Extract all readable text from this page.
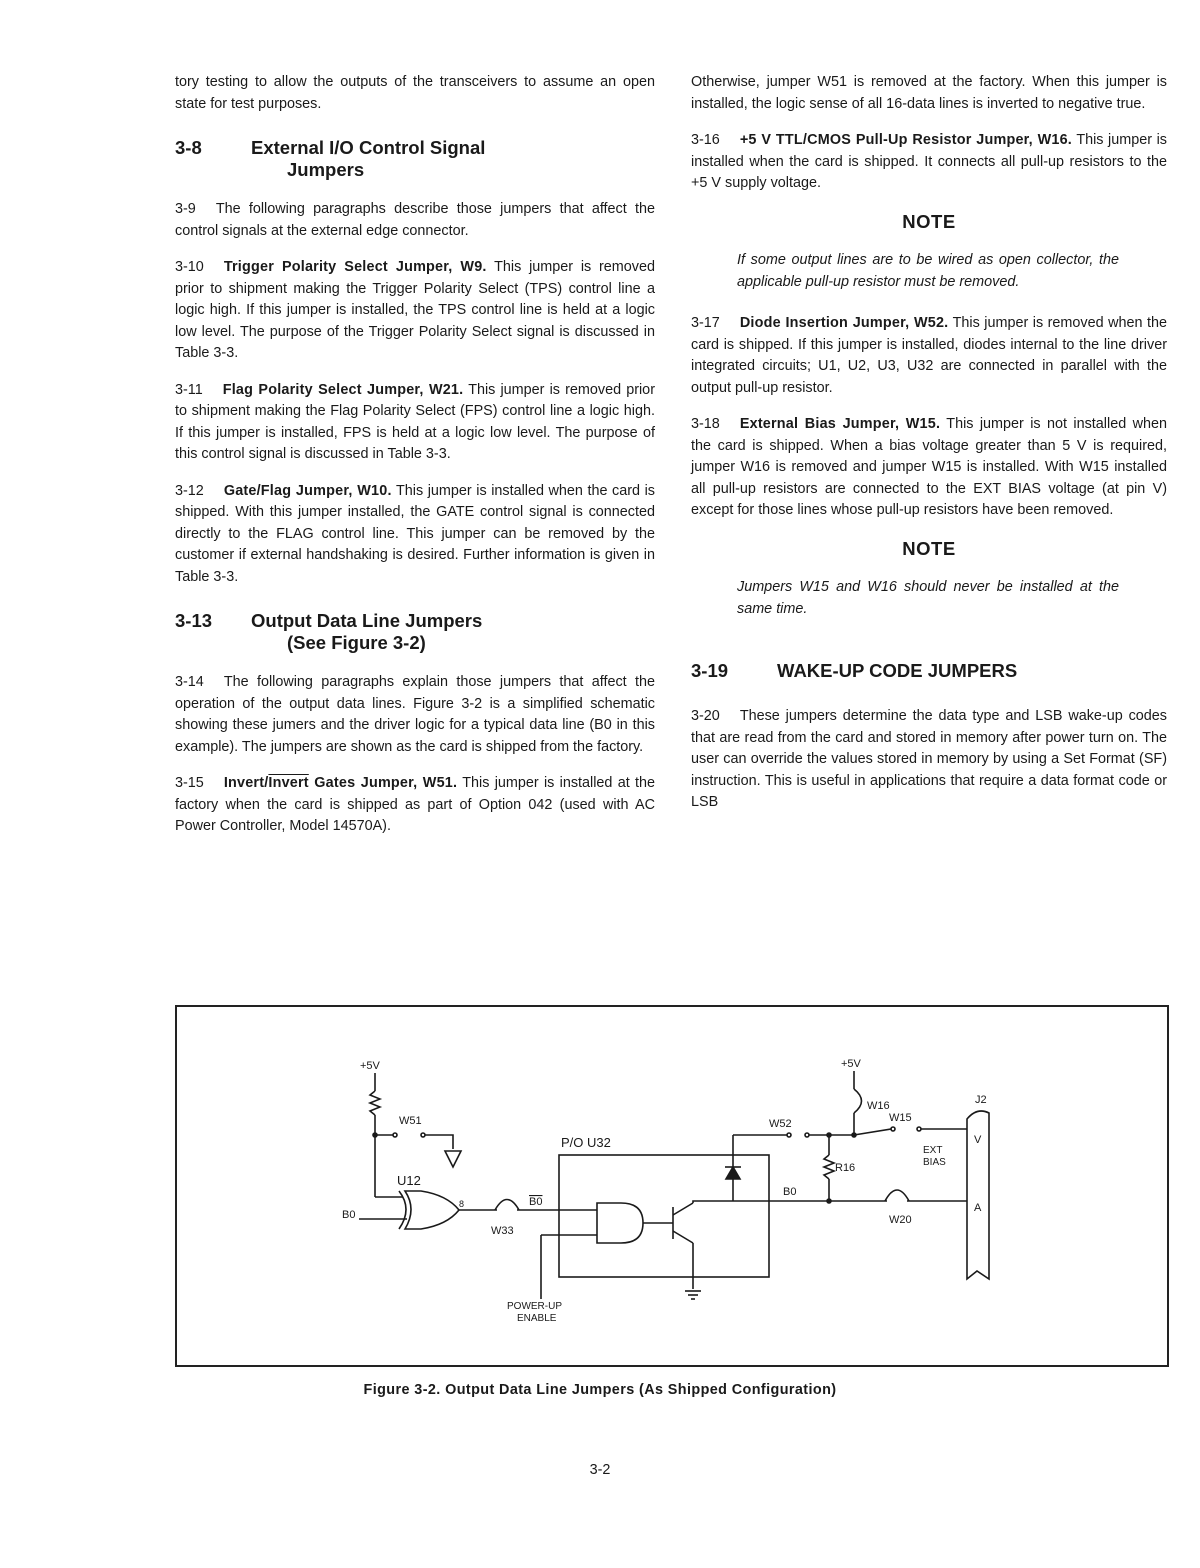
tory testing to allow the outputs of the transceivers to assume an open state for test purposes.

3-8	External I/O Control Signal
Jumpers

3-9 The following paragraphs describe those jumpers that affect the control signals at the external edge connector.

3-10 Trigger Polarity Select Jumper, W9. This jumper is removed prior to shipment making the Trigger Polarity Select (TPS) control line a logic high. If this jumper is installed, the TPS control line is held at a logic low level. The purpose of the Trigger Polarity Select signal is discussed in Table 3-3.

3-11 Flag Polarity Select Jumper, W21. This jumper is removed prior to shipment making the Flag Polarity Select (FPS) control line a logic high. If this jumper is installed, FPS is held at a logic low level. The purpose of this control signal is discussed in Table 3-3.

3-12 Gate/Flag Jumper, W10. This jumper is installed when the card is shipped. With this jumper installed, the GATE control signal is connected directly to the FLAG control line. This jumper can be removed by the customer if external handshaking is desired. Further information is given in Table 3-3.

3-13	Output Data Line Jumpers
(See Figure 3-2)

3-14 The following paragraphs explain those jumpers that affect the operation of the output data lines. Figure 3-2 is a simplified schematic showing these jumers and the driver logic for a typical data line (B0 in this example). The jumpers are shown as the card is shipped from the factory.

3-15 Invert/Invert Gates Jumper, W51. This jumper is installed at the factory when the card is shipped as part of Option 042 (used with AC Power Controller, Model 14570A).

Otherwise, jumper W51 is removed at the factory. When this jumper is installed, the logic sense of all 16-data lines is inverted to negative true.

3-16 +5 V TTL/CMOS Pull-Up Resistor Jumper, W16. This jumper is installed when the card is shipped. It connects all pull-up resistors to the +5 V supply voltage.

NOTE
If some output lines are to be wired as open collector, the applicable pull-up resistor must be removed.

3-17 Diode Insertion Jumper, W52. This jumper is removed when the card is shipped. If this jumper is installed, diodes internal to the line driver integrated circuits; U1, U2, U3, U32 are connected in parallel with the output pull-up resistor.

3-18 External Bias Jumper, W15. This jumper is not installed when the card is shipped. When a bias voltage greater than 5 V is required, jumper W16 is removed and jumper W15 is installed. With W15 installed all pull-up resistors are connected to the EXT BIAS voltage (at pin V) except for those lines whose pull-up resistors have been removed.

NOTE
Jumpers W15 and W16 should never be installed at the same time.
3-19	WAKE-UP CODE JUMPERS

3-20 These jumpers determine the data type and LSB wake-up codes that are read from the card and stored in memory after power turn on. The user can override the values stored in memory by using a Set Format (SF) instruction. This is useful in applications that require a data format code or LSB

+5V
W51
U12
B0
8
W33
B0
P/O U32
POWER-UP
ENABLE
W52
R16
B0
W20
+5V
W16
W15
EXT
BIAS
J2
V
A
Figure 3-2. Output Data Line Jumpers (As Shipped Configuration)
3-2
